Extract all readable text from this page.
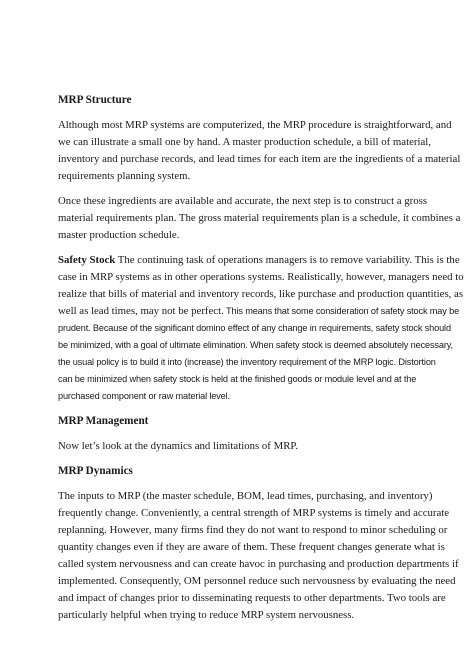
MRP Structure
Although most MRP systems are computerized, the MRP procedure is straightforward, and
we can illustrate a small one by hand. A master production schedule, a bill of material,
inventory and purchase records, and lead times for each item are the ingredients of a material
requirements planning system.
Once these ingredients are available and accurate, the next step is to construct a gross
material requirements plan. The gross material requirements plan is a schedule, it combines a
master production schedule.
Safety Stock The continuing task of operations managers is to remove variability. This is the
case in MRP systems as in other operations systems. Realistically, however, managers need to
realize that bills of material and inventory records, like purchase and production quantities, as
well as lead times, may not be perfect. This means that some consideration of safety stock may be
prudent. Because of the significant domino effect of any change in requirements, safety stock should
be minimized, with a goal of ultimate elimination. When safety stock is deemed absolutely necessary,
the usual policy is to build it into (increase) the inventory requirement of the MRP logic. Distortion
can be minimized when safety stock is held at the finished goods or module level and at the
purchased component or raw material level.
MRP Management
Now let’s look at the dynamics and limitations of MRP.
MRP Dynamics
The inputs to MRP (the master schedule, BOM, lead times, purchasing, and inventory)
frequently change. Conveniently, a central strength of MRP systems is timely and accurate
replanning. However, many firms find they do not want to respond to minor scheduling or
quantity changes even if they are aware of them. These frequent changes generate what is
called system nervousness and can create havoc in purchasing and production departments if
implemented. Consequently, OM personnel reduce such nervousness by evaluating the need
and impact of changes prior to disseminating requests to other departments. Two tools are
particularly helpful when trying to reduce MRP system nervousness.
